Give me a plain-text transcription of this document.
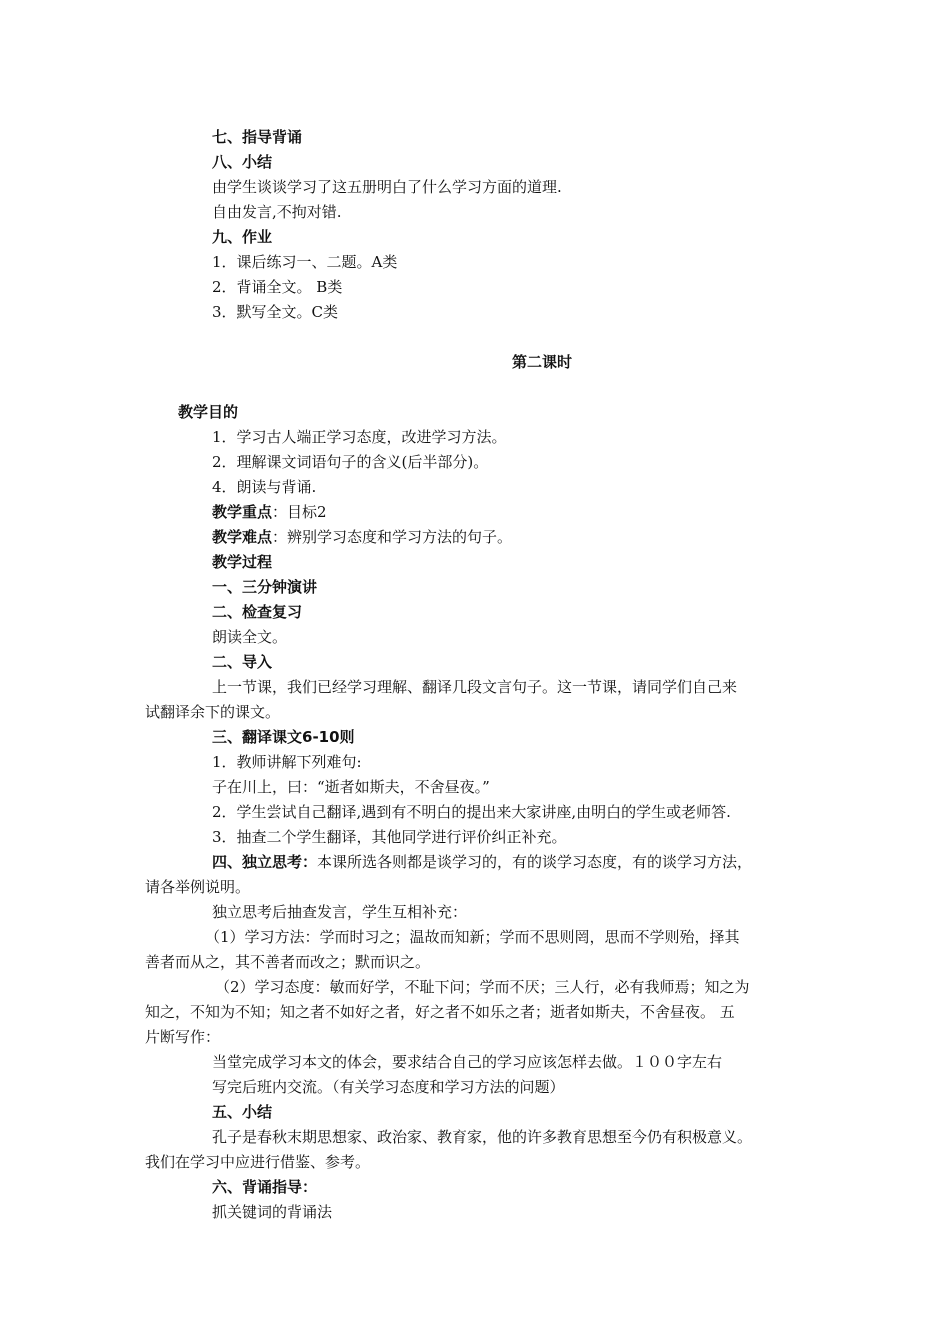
七、指导背诵
八、小结
由学生谈谈学习了这五册明白了什么学习方面的道理.
自由发言,不拘对错.
九、作业
1．课后练习一、二题。A类
2．背诵全文。 B类
3．默写全文。C类
第二课时
教学目的
1．学习古人端正学习态度，改进学习方法。
2．理解课文词语句子的含义(后半部分)。
4．朗读与背诵.
教学重点：目标2
教学难点：辨别学习态度和学习方法的句子。
教学过程
一、三分钟演讲
二、检查复习
朗读全文。
二、导入
上一节课，我们已经学习理解、翻译几段文言句子。这一节课，请同学们自己来
试翻译余下的课文。
三、翻译课文6-10则
1．教师讲解下列难句:
子在川上，曰：“逝者如斯夫，不舍昼夜。”
2．学生尝试自己翻译,遇到有不明白的提出来大家讲座,由明白的学生或老师答.
3．抽查二个学生翻译，其他同学进行评价纠正补充。
四、独立思考：本课所选各则都是谈学习的，有的谈学习态度，有的谈学习方法，
请各举例说明。
独立思考后抽查发言，学生互相补充：
（1）学习方法：学而时习之；温故而知新；学而不思则罔，思而不学则殆，择其
善者而从之，其不善者而改之；默而识之。
（2）学习态度：敏而好学，不耻下问；学而不厌；三人行，必有我师焉；知之为
知之，不知为不知；知之者不如好之者，好之者不如乐之者；逝者如斯夫，不舍昼夜。 五
片断写作：
当堂完成学习本文的体会，要求结合自己的学习应该怎样去做。１００字左右
写完后班内交流。（有关学习态度和学习方法的问题）
五、小结
孔子是春秋末期思想家、政治家、教育家，他的许多教育思想至今仍有积极意义。
我们在学习中应进行借鉴、参考。
六、背诵指导：
抓关键词的背诵法
